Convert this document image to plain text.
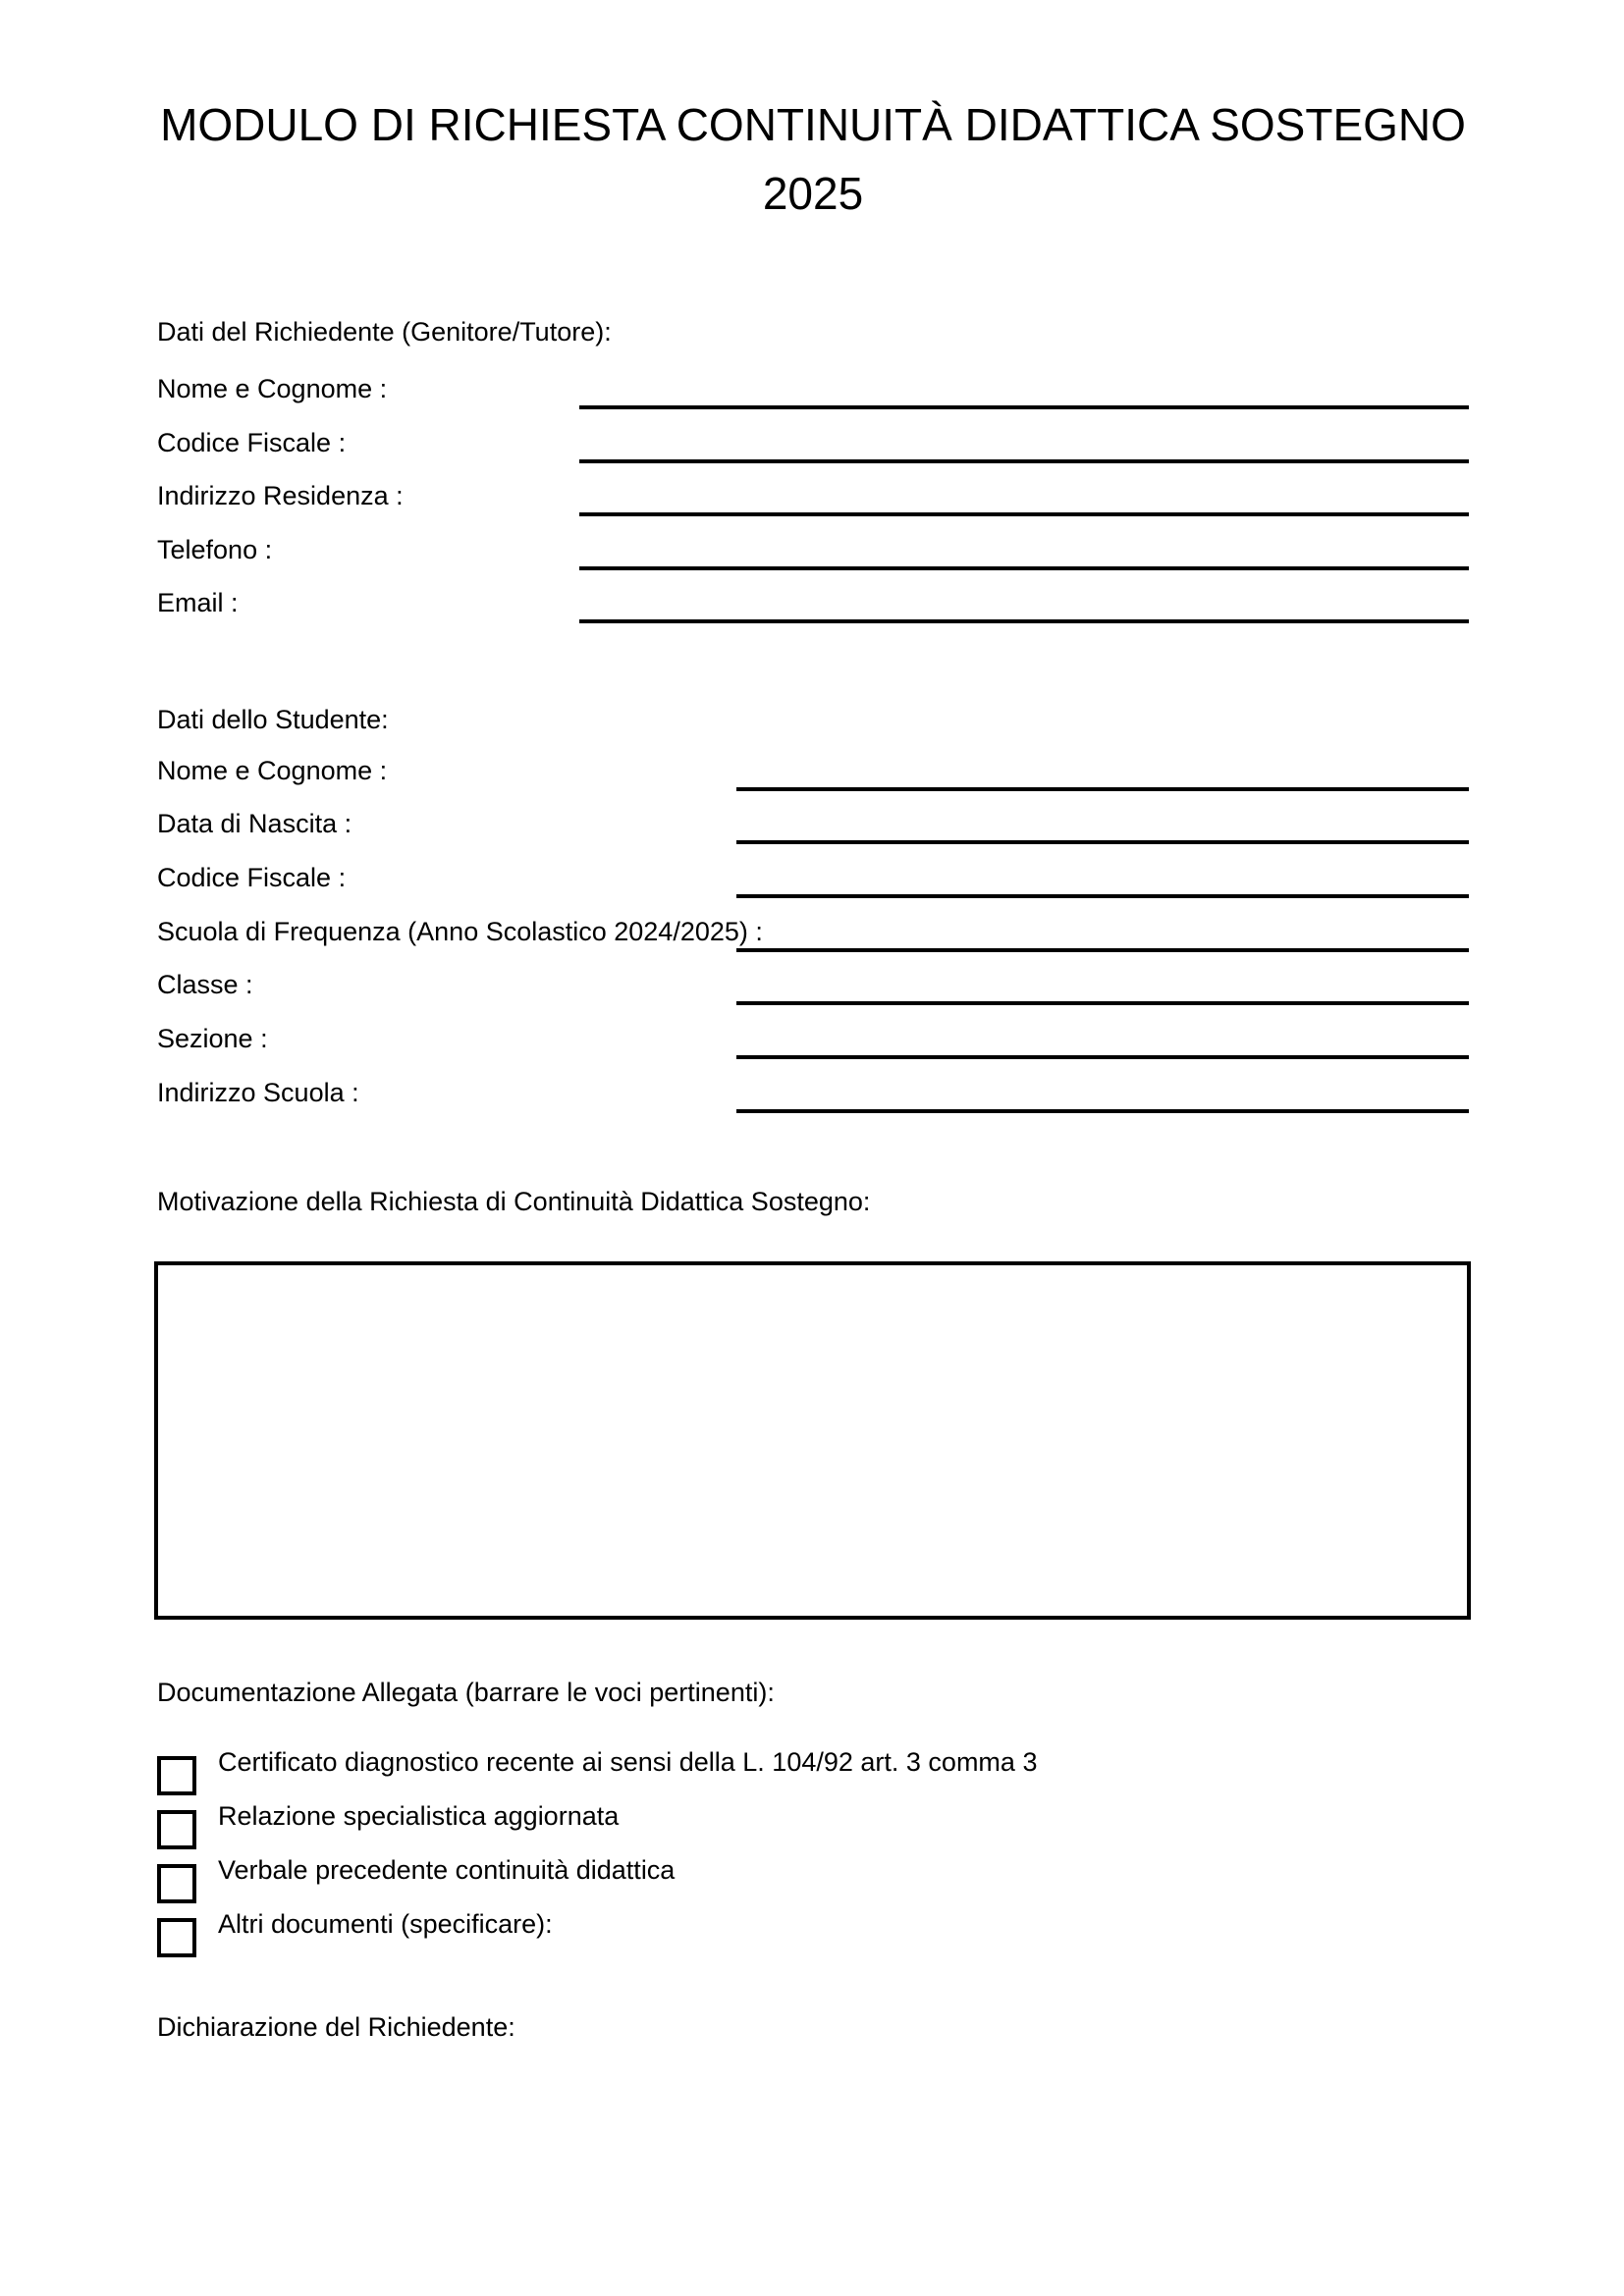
MODULO DI RICHIESTA CONTINUITÀ DIDATTICA SOSTEGNO
2025
Dati del Richiedente (Genitore/Tutore):
Nome e Cognome :
Codice Fiscale :
Indirizzo Residenza :
Telefono :
Email :
Dati dello Studente:
Nome e Cognome :
Data di Nascita :
Codice Fiscale :
Scuola di Frequenza (Anno Scolastico 2024/2025) :
Classe :
Sezione :
Indirizzo Scuola :
Motivazione della Richiesta di Continuità Didattica Sostegno:
Documentazione Allegata (barrare le voci pertinenti):
Certificato diagnostico recente ai sensi della L. 104/92 art. 3 comma 3
Relazione specialistica aggiornata
Verbale precedente continuità didattica
Altri documenti (specificare):
Dichiarazione del Richiedente:
